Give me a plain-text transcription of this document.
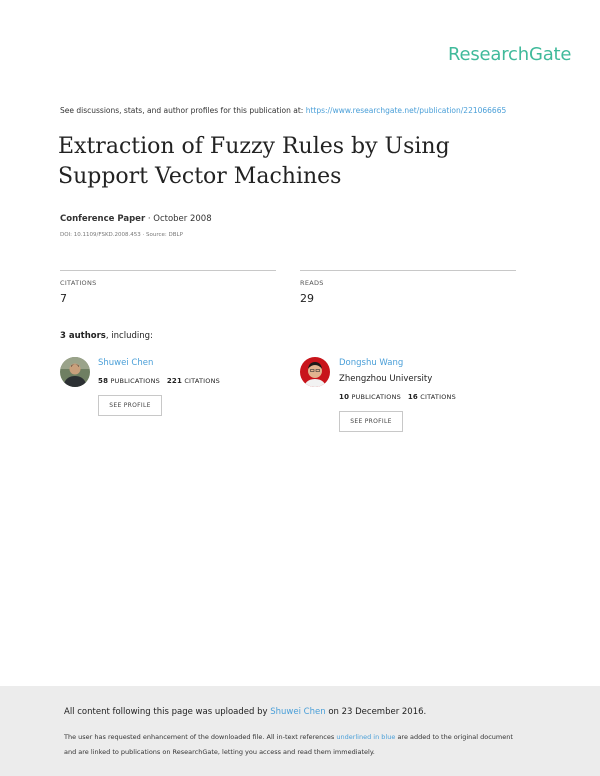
ResearchGate
See discussions, stats, and author profiles for this publication at: https://www.researchgate.net/publication/221066665
Extraction of Fuzzy Rules by Using Support Vector Machines
Conference Paper · October 2008
DOI: 10.1109/FSKD.2008.453 · Source: DBLP
CITATIONS
7
READS
29
3 authors, including:
Shuwei Chen
58 PUBLICATIONS 221 CITATIONS
SEE PROFILE
Dongshu Wang
Zhengzhou University
10 PUBLICATIONS 16 CITATIONS
SEE PROFILE
All content following this page was uploaded by Shuwei Chen on 23 December 2016.
The user has requested enhancement of the downloaded file. All in-text references underlined in blue are added to the original document
and are linked to publications on ResearchGate, letting you access and read them immediately.
